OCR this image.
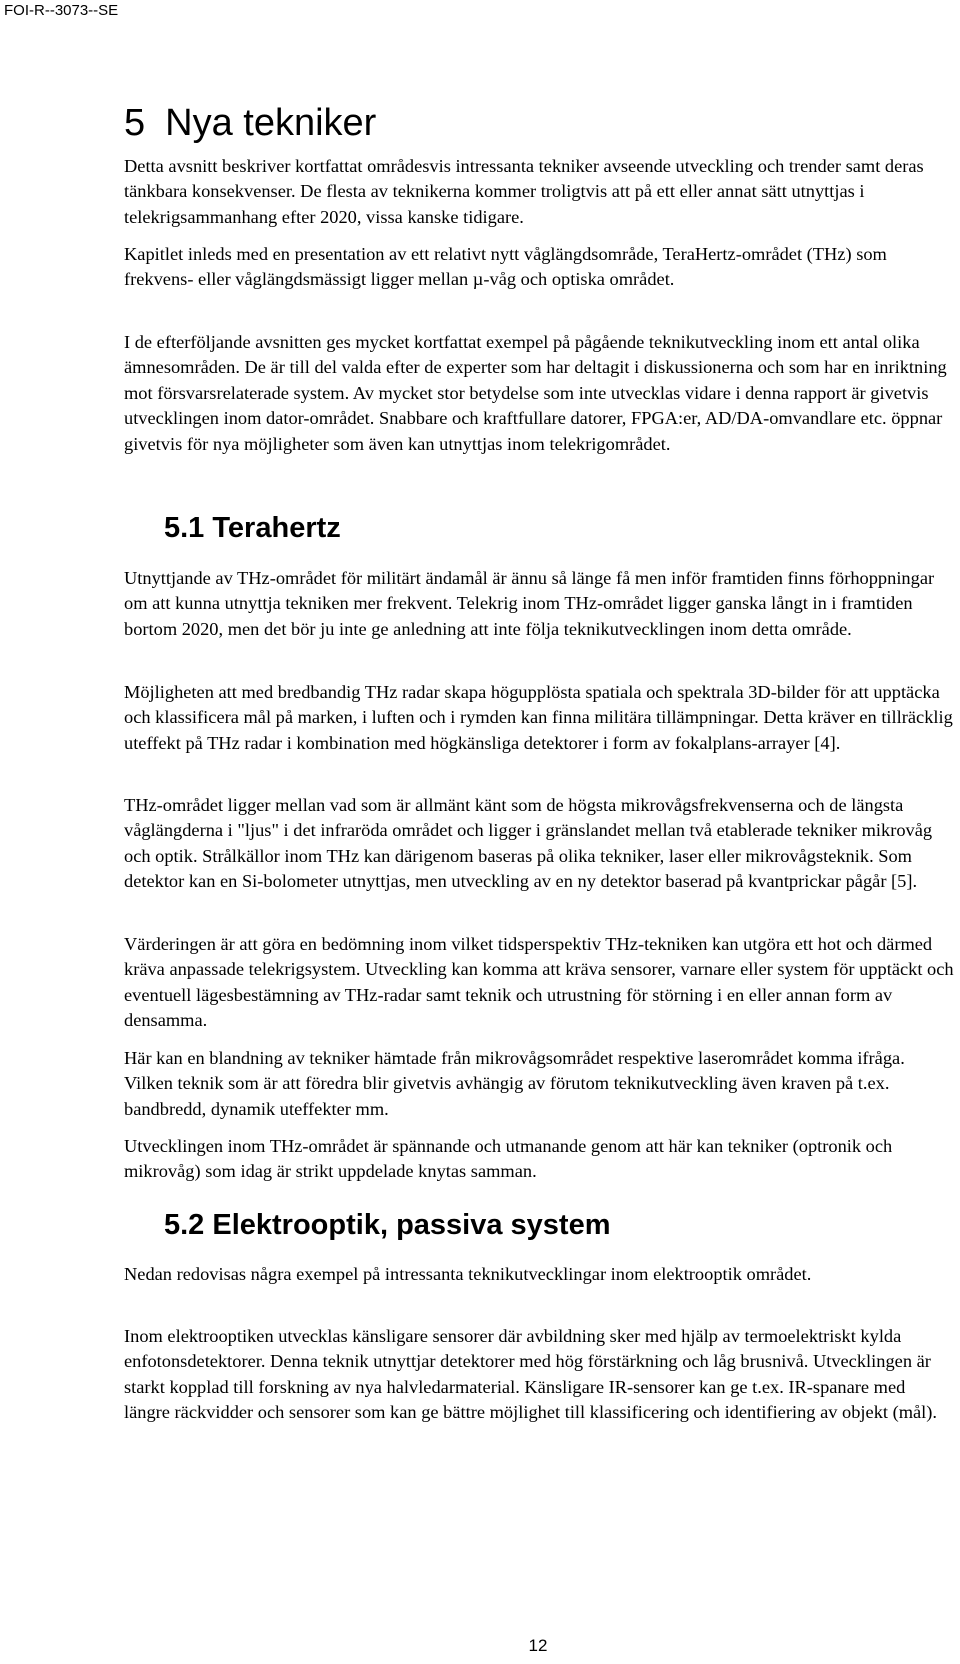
FOI-R--3073--SE
5 Nya tekniker

Detta avsnitt beskriver kortfattat områdesvis intressanta tekniker avseende utveckling och trender samt deras tänkbara konsekvenser. De flesta av teknikerna kommer troligtvis att på ett eller annat sätt utnyttjas i telekrigsammanhang efter 2020, vissa kanske tidigare.

Kapitlet inleds med en presentation av ett relativt nytt våglängdsområde, TeraHertz-området (THz) som frekvens- eller våglängdsmässigt ligger mellan µ-våg och optiska området.

I de efterföljande avsnitten ges mycket kortfattat exempel på pågående teknikutveckling inom ett antal olika ämnesområden. De är till del valda efter de experter som har deltagit i diskussionerna och som har en inriktning mot försvarsrelaterade system. Av mycket stor betydelse som inte utvecklas vidare i denna rapport är givetvis utvecklingen inom dator-området. Snabbare och kraftfullare datorer, FPGA:er, AD/DA-omvandlare etc. öppnar givetvis för nya möjligheter som även kan utnyttjas inom telekrigområdet.

5.1 Terahertz

Utnyttjande av THz-området för militärt ändamål är ännu så länge få men inför framtiden finns förhoppningar om att kunna utnyttja tekniken mer frekvent. Telekrig inom THz-området ligger ganska långt in i framtiden bortom 2020, men det bör ju inte ge anledning att inte följa teknikutvecklingen inom detta område.

Möjligheten att med bredbandig THz radar skapa högupplösta spatiala och spektrala 3D-bilder för att upptäcka och klassificera mål på marken, i luften och i rymden kan finna militära tillämpningar. Detta kräver en tillräcklig uteffekt på THz radar i kombination med högkänsliga detektorer i form av fokalplans-arrayer [4].

THz-området ligger mellan vad som är allmänt känt som de högsta mikrovågsfrekvenserna och de längsta våglängderna i "ljus" i det infraröda området och ligger i gränslandet mellan två etablerade tekniker mikrovåg och optik. Strålkällor inom THz kan därigenom baseras på olika tekniker, laser eller mikrovågsteknik. Som detektor kan en Si-bolometer utnyttjas, men utveckling av en ny detektor baserad på kvantprickar pågår [5].

Värderingen är att göra en bedömning inom vilket tidsperspektiv THz-tekniken kan utgöra ett hot och därmed kräva anpassade telekrigsystem. Utveckling kan komma att kräva sensorer, varnare eller system för upptäckt och eventuell lägesbestämning av THz-radar samt teknik och utrustning för störning i en eller annan form av densamma.

Här kan en blandning av tekniker hämtade från mikrovågsområdet respektive laserområdet komma ifråga. Vilken teknik som är att föredra blir givetvis avhängig av förutom teknikutveckling även kraven på t.ex. bandbredd, dynamik uteffekter mm.

Utvecklingen inom THz-området är spännande och utmanande genom att här kan tekniker (optronik och mikrovåg) som idag är strikt uppdelade knytas samman.

5.2 Elektrooptik, passiva system

Nedan redovisas några exempel på intressanta teknikutvecklingar inom elektrooptik området.

Inom elektrooptiken utvecklas känsligare sensorer där avbildning sker med hjälp av termoelektriskt kylda enfotonsdetektorer. Denna teknik utnyttjar detektorer med hög förstärkning och låg brusnivå. Utvecklingen är starkt kopplad till forskning av nya halvledarmaterial. Känsligare IR-sensorer kan ge t.ex. IR-spanare med längre räckvidder och sensorer som kan ge bättre möjlighet till klassificering och identifiering av objekt (mål).

12
